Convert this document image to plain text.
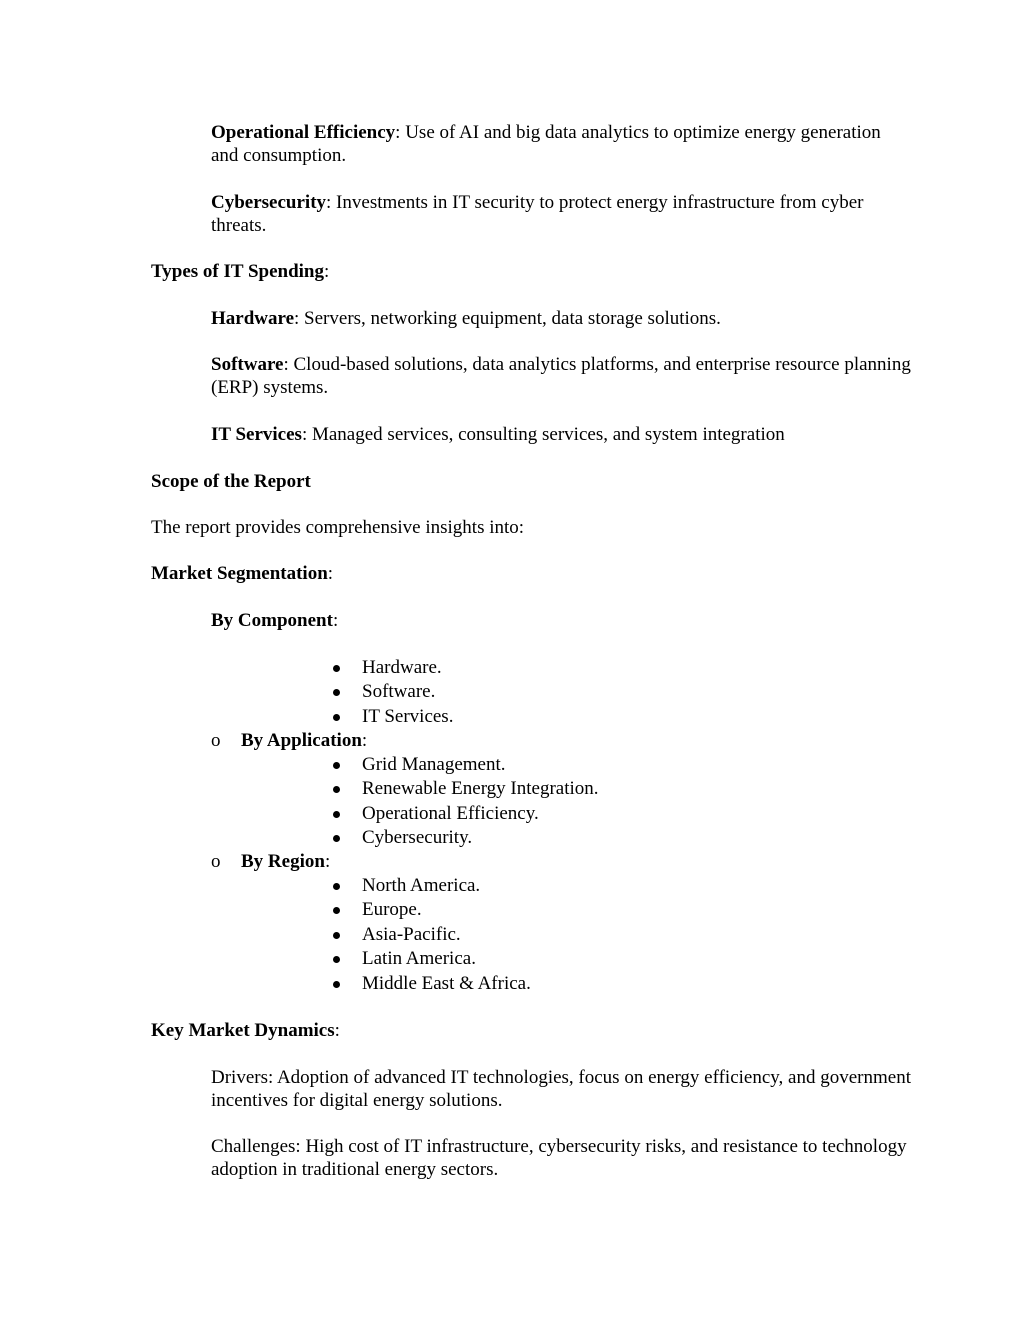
Operational Efficiency: Use of AI and big data analytics to optimize energy generation and consumption.

Cybersecurity: Investments in IT security to protect energy infrastructure from cyber threats.

Types of IT Spending:

Hardware: Servers, networking equipment, data storage solutions.

Software: Cloud-based solutions, data analytics platforms, and enterprise resource planning (ERP) systems.

IT Services: Managed services, consulting services, and system integration

Scope of the Report

The report provides comprehensive insights into:

Market Segmentation:

By Component:

Hardware.
Software.
IT Services.
o By Application:
Grid Management.
Renewable Energy Integration.
Operational Efficiency.
Cybersecurity.
o By Region:
North America.
Europe.
Asia-Pacific.
Latin America.
Middle East & Africa.

Key Market Dynamics:

Drivers: Adoption of advanced IT technologies, focus on energy efficiency, and government incentives for digital energy solutions.

Challenges: High cost of IT infrastructure, cybersecurity risks, and resistance to technology adoption in traditional energy sectors.
